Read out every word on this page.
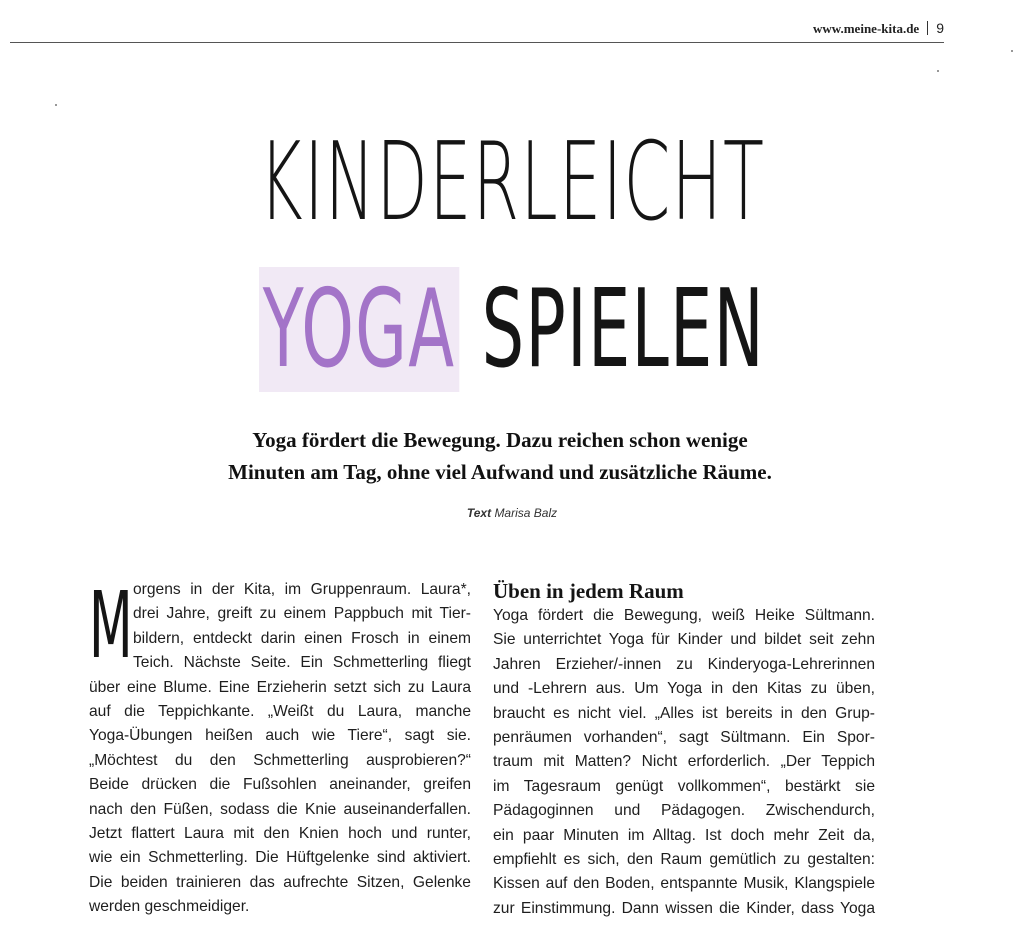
www.meine-kita.de 9
KINDERLEICHT
YOGA SPIELEN
Yoga fördert die Bewegung. Dazu reichen schon wenige
Minuten am Tag, ohne viel Aufwand und zusätzliche Räume.
Text Marisa Balz
M orgens in der Kita, im Gruppenraum. Laura*,
drei Jahre, greift zu einem Pappbuch mit Tier-
bildern, entdeckt darin einen Frosch in einem
Teich. Nächste Seite. Ein Schmetterling fliegt
über eine Blume. Eine Erzieherin setzt sich zu Laura
auf die Teppichkante. „Weißt du Laura, manche
Yoga-Übungen heißen auch wie Tiere“, sagt sie.
„Möchtest du den Schmetterling ausprobieren?“
Beide drücken die Fußsohlen aneinander, greifen
nach den Füßen, sodass die Knie auseinanderfallen.
Jetzt flattert Laura mit den Knien hoch und runter,
wie ein Schmetterling. Die Hüftgelenke sind aktiviert.
Die beiden trainieren das aufrechte Sitzen, Gelenke
werden geschmeidiger.
Üben in jedem Raum
Yoga fördert die Bewegung, weiß Heike Sültmann.
Sie unterrichtet Yoga für Kinder und bildet seit zehn
Jahren Erzieher/-innen zu Kinderyoga-Lehrerinnen
und -Lehrern aus. Um Yoga in den Kitas zu üben,
braucht es nicht viel. „Alles ist bereits in den Grup-
penräumen vorhanden“, sagt Sültmann. Ein Spor-
traum mit Matten? Nicht erforderlich. „Der Teppich
im Tagesraum genügt vollkommen“, bestärkt sie
Pädagoginnen und Pädagogen. Zwischendurch,
ein paar Minuten im Alltag. Ist doch mehr Zeit da,
empfiehlt es sich, den Raum gemütlich zu gestalten:
Kissen auf den Boden, entspannte Musik, Klangspiele
zur Einstimmung. Dann wissen die Kinder, dass Yoga
